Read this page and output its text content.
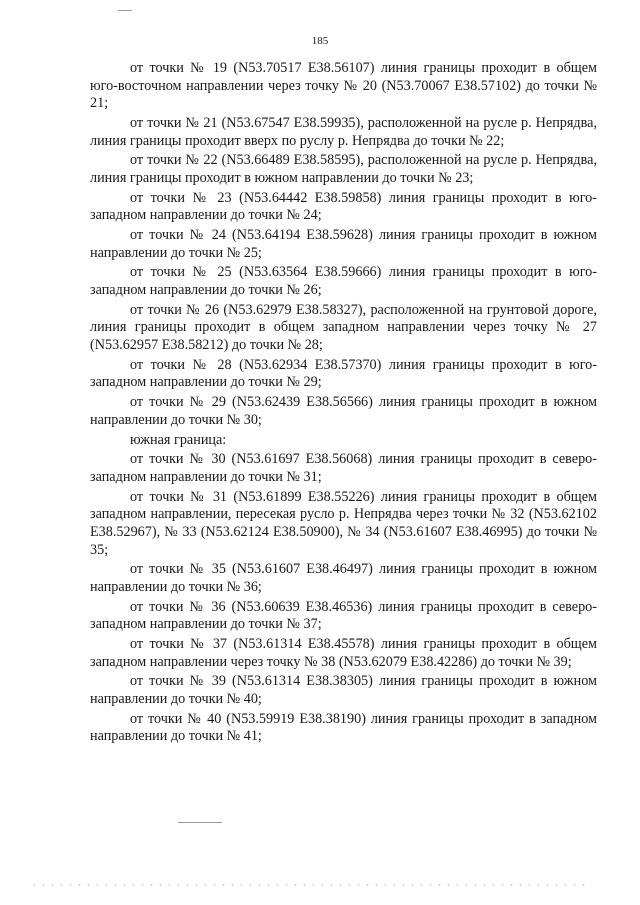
185

от точки № 19 (N53.70517 E38.56107) линия границы проходит в общем юго-восточном направлении через точку № 20 (N53.70067 E38.57102) до точки № 21;

от точки № 21 (N53.67547 E38.59935), расположенной на русле р. Непрядва, линия границы проходит вверх по руслу р. Непрядва до точки № 22;

от точки № 22 (N53.66489 E38.58595), расположенной на русле р. Непрядва, линия границы проходит в южном направлении до точки № 23;

от точки № 23 (N53.64442 E38.59858) линия границы проходит в юго-западном направлении до точки № 24;

от точки № 24 (N53.64194 E38.59628) линия границы проходит в южном направлении до точки № 25;

от точки № 25 (N53.63564 E38.59666) линия границы проходит в юго-западном направлении до точки № 26;

от точки № 26 (N53.62979 E38.58327), расположенной на грунтовой дороге, линия границы проходит в общем западном направлении через точку № 27 (N53.62957 E38.58212) до точки № 28;

от точки № 28 (N53.62934 E38.57370) линия границы проходит в юго-западном направлении до точки № 29;

от точки № 29 (N53.62439 E38.56566) линия границы проходит в южном направлении до точки № 30;

южная граница:

от точки № 30 (N53.61697 E38.56068) линия границы проходит в северо-западном направлении до точки № 31;

от точки № 31 (N53.61899 E38.55226) линия границы проходит в общем западном направлении, пересекая русло р. Непрядва через точки № 32 (N53.62102 E38.52967), № 33 (N53.62124 E38.50900), № 34 (N53.61607 E38.46995) до точки № 35;

от точки № 35 (N53.61607 E38.46497) линия границы проходит в южном направлении до точки № 36;

от точки № 36 (N53.60639 E38.46536) линия границы проходит в северо-западном направлении до точки № 37;

от точки № 37 (N53.61314 E38.45578) линия границы проходит в общем западном направлении через точку № 38 (N53.62079 E38.42286) до точки № 39;

от точки № 39 (N53.61314 E38.38305) линия границы проходит в южном направлении до точки № 40;

от точки № 40 (N53.59919 E38.38190) линия границы проходит в западном направлении до точки № 41;
